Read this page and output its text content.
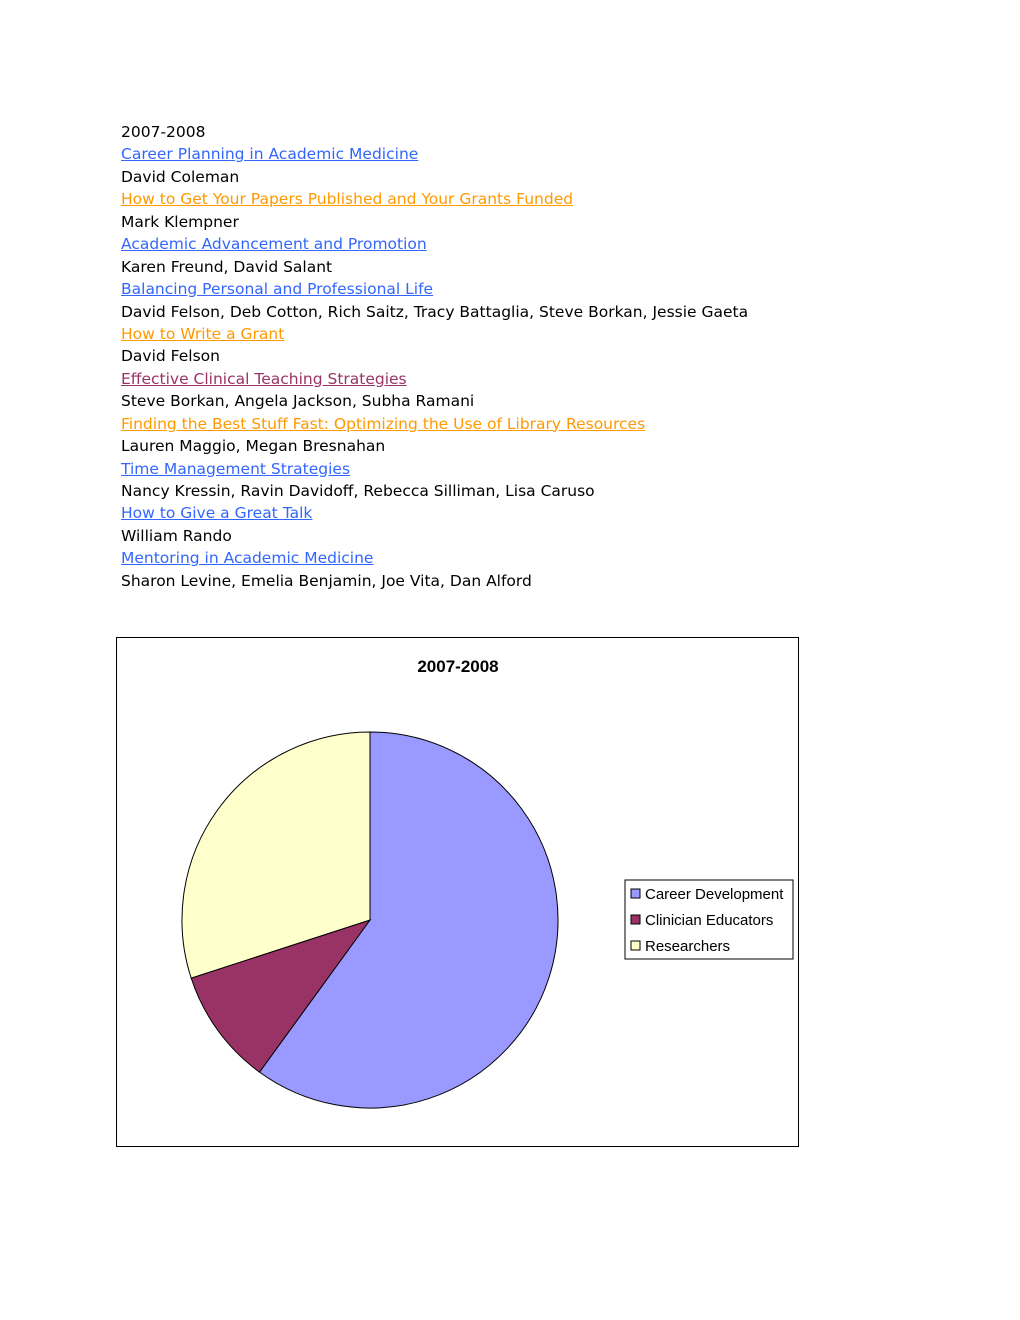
2007-2008
Career Planning in Academic Medicine
David Coleman
How to Get Your Papers Published and Your Grants Funded
Mark Klempner
Academic Advancement and Promotion
Karen Freund, David Salant
Balancing Personal and Professional Life
David Felson, Deb Cotton, Rich Saitz, Tracy Battaglia, Steve Borkan, Jessie Gaeta
How to Write a Grant
David Felson
Effective Clinical Teaching Strategies
Steve Borkan, Angela Jackson, Subha Ramani
Finding the Best Stuff Fast: Optimizing the Use of Library Resources
Lauren Maggio, Megan Bresnahan
Time Management Strategies
Nancy Kressin, Ravin Davidoff, Rebecca Silliman, Lisa Caruso
How to Give a Great Talk
William Rando
Mentoring in Academic Medicine
Sharon Levine, Emelia Benjamin, Joe Vita, Dan Alford
2007-2008
Career Development
Clinician Educators
Researchers
